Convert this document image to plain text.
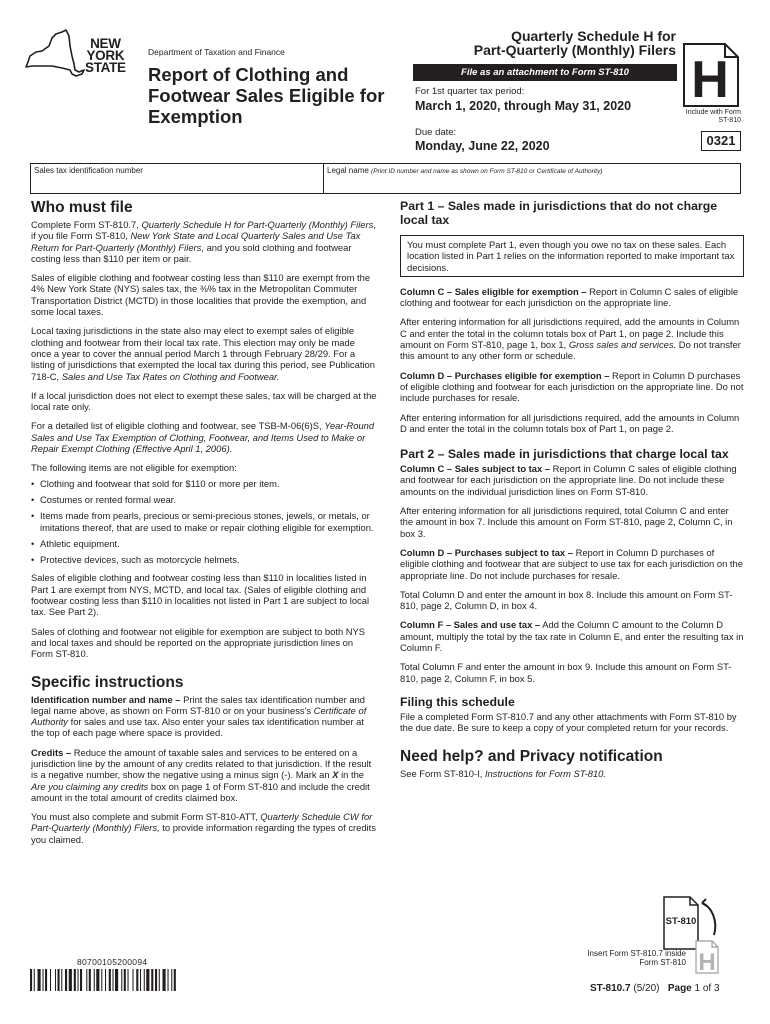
NEW
YORK
STATE
Department of Taxation and Finance
Report of Clothing and Footwear Sales Eligible for Exemption
Quarterly Schedule H for
Part-Quarterly (Monthly) Filers
File as an attachment to Form ST-810
For 1st quarter tax period:
March 1, 2020, through May 31, 2020
Due date:
Monday, June 22, 2020
H
Include with Form ST-810
0321
Sales tax identification number	Legal name (Print ID number and name as shown on Form ST-810 or Certificate of Authority)
Who must file

Complete Form ST-810.7, Quarterly Schedule H for Part-Quarterly (Monthly) Filers, if you file Form ST-810, New York State and Local Quarterly Sales and Use Tax Return for Part-Quarterly (Monthly) Filers, and you sold clothing and footwear costing less than $110 per item or pair.

Sales of eligible clothing and footwear costing less than $110 are exempt from the 4% New York State (NYS) sales tax, the ⅜% tax in the Metropolitan Commuter Transportation District (MCTD) in those localities that provide the exemption, and some local taxes.

Local taxing jurisdictions in the state also may elect to exempt sales of eligible clothing and footwear from their local tax rate. This election may only be made once a year to cover the annual period March 1 through February 28/29. For a listing of jurisdictions that exempted the local tax during this period, see Publication 718-C, Sales and Use Tax Rates on Clothing and Footwear.

If a local jurisdiction does not elect to exempt these sales, tax will be charged at the local rate only.

For a detailed list of eligible clothing and footwear, see TSB-M-06(6)S, Year-Round Sales and Use Tax Exemption of Clothing, Footwear, and Items Used to Make or Repair Exempt Clothing (Effective April 1, 2006).

The following items are not eligible for exemption:

• Clothing and footwear that sold for $110 or more per item.
• Costumes or rented formal wear.
• Items made from pearls, precious or semi-precious stones, jewels, or metals, or imitations thereof, that are used to make or repair clothing eligible for exemption.
• Athletic equipment.
• Protective devices, such as motorcycle helmets.

Sales of eligible clothing and footwear costing less than $110 in localities listed in Part 1 are exempt from NYS, MCTD, and local tax. (Sales of eligible clothing and footwear costing less than $110 in localities not listed in Part 1 are subject to local tax. See Part 2).

Sales of clothing and footwear not eligible for exemption are subject to both NYS and local taxes and should be reported on the appropriate jurisdiction lines on Form ST-810.

Specific instructions

Identification number and name – Print the sales tax identification number and legal name above, as shown on Form ST-810 or on your business's Certificate of Authority for sales and use tax. Also enter your sales tax identification number at the top of each page where space is provided.

Credits – Reduce the amount of taxable sales and services to be entered on a jurisdiction line by the amount of any credits related to that jurisdiction. If the result is a negative number, show the negative using a minus sign (-). Mark an X in the Are you claiming any credits box on page 1 of Form ST-810 and include the credit amount in the total amount of credits claimed box.

You must also complete and submit Form ST-810-ATT, Quarterly Schedule CW for Part-Quarterly (Monthly) Filers, to provide information regarding the types of credits you claimed.

Part 1 – Sales made in jurisdictions that do not charge local tax
You must complete Part 1, even though you owe no tax on these sales. Each location listed in Part 1 relies on the information reported to make important tax decisions.

Column C – Sales eligible for exemption – Report in Column C sales of eligible clothing and footwear for each jurisdiction on the appropriate line.

After entering information for all jurisdictions required, add the amounts in Column C and enter the total in the column totals box of Part 1, on page 2. Include this amount on Form ST-810, page 1, box 1, Gross sales and services. Do not transfer this amount to any other form or schedule.

Column D – Purchases eligible for exemption – Report in Column D purchases of eligible clothing and footwear for each jurisdiction on the appropriate line. Do not include purchases for resale.

After entering information for all jurisdictions required, add the amounts in Column D and enter the total in the column totals box of Part 1, on page 2.

Part 2 – Sales made in jurisdictions that charge local tax

Column C – Sales subject to tax – Report in Column C sales of eligible clothing and footwear for each jurisdiction on the appropriate line. Do not include these amounts on the individual jurisdiction lines on Form ST-810.

After entering information for all jurisdictions required, total Column C and enter the amount in box 7. Include this amount on Form ST-810, page 2, Column C, in box 3.

Column D – Purchases subject to tax – Report in Column D purchases of eligible clothing and footwear that are subject to use tax for each jurisdiction on the appropriate line. Do not include purchases for resale.

Total Column D and enter the amount in box 8. Include this amount on Form ST-810, page 2, Column D, in box 4.

Column F – Sales and use tax – Add the Column C amount to the Column D amount, multiply the total by the tax rate in Column E, and enter the resulting tax in Column F.

Total Column F and enter the amount in box 9. Include this amount on Form ST-810, page 2, Column F, in box 5.

Filing this schedule

File a completed Form ST-810.7 and any other attachments with Form ST-810 by the due date. Be sure to keep a copy of your completed return for your records.

Need help? and Privacy notification

See Form ST-810-I, Instructions for Form ST-810.

ST-810
H
Insert Form ST-810.7 inside Form ST-810
80700105200094
ST-810.7 (5/20) Page 1 of 3
